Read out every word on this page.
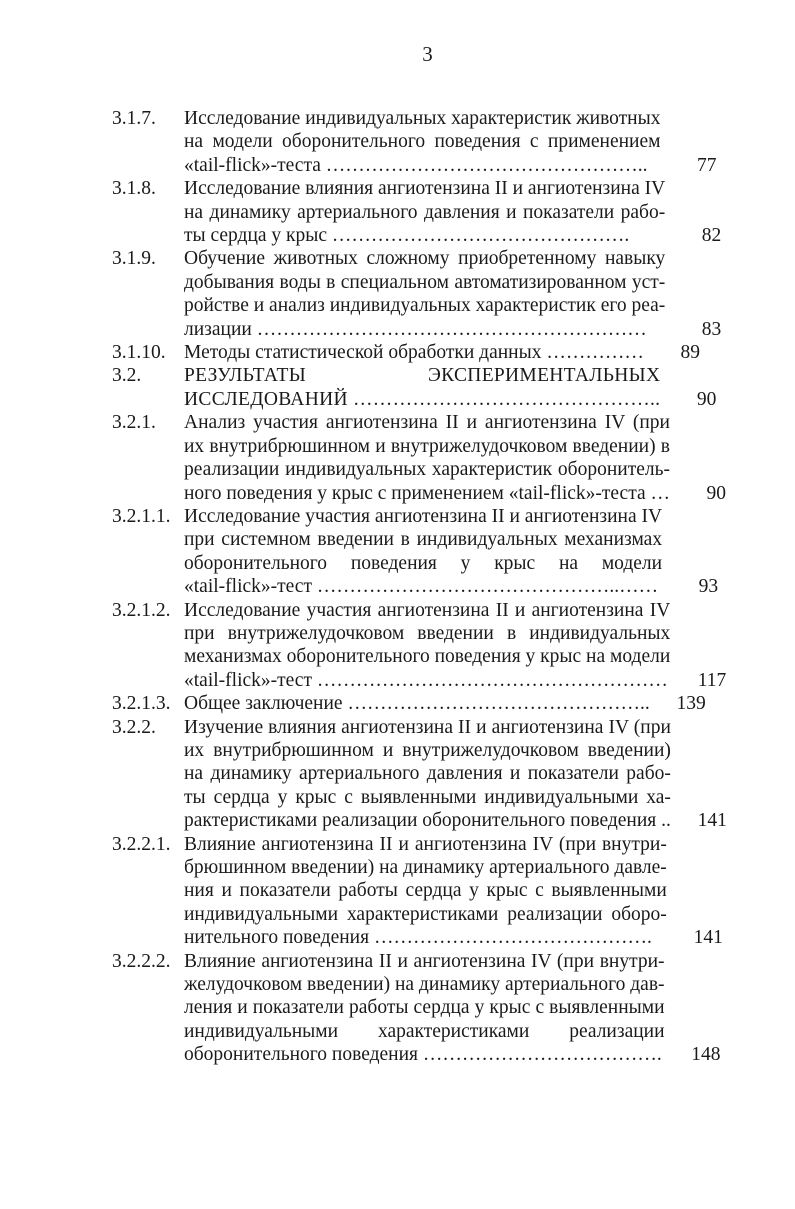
3
3.1.7.	Исследование индивидуальных характеристик животных
на модели оборонительного поведения с применением
«tail-flick»-теста …………………………………………..	77
3.1.8.	Исследование влияния ангиотензина II и ангиотензина IV
на динамику артериального давления и показатели рабо-
ты сердца у крыс ……………………………………….	82
3.1.9.	Обучение животных сложному приобретенному навыку
добывания воды в специальном автоматизированном уст-
ройстве и анализ индивидуальных характеристик его реа-
лизации ……………………………………………………	83
3.1.10. Методы статистической обработки данных ……………	89
3.2.	РЕЗУЛЬТАТЫ ЭКСПЕРИМЕНТАЛЬНЫХ
ИССЛЕДОВАНИЙ ………………………………………..	90
3.2.1.	Анализ участия ангиотензина II и ангиотензина IV (при
их внутрибрюшинном и внутрижелудочковом введении) в
реализации индивидуальных характеристик оборонитель-
ного поведения у крыс с применением «tail-flick»-теста …	90
3.2.1.1. Исследование участия ангиотензина II и ангиотензина IV
при системном введении в индивидуальных механизмах
оборонительного поведения у крыс на модели
«tail-flick»-тест ………………………………………..……	93
3.2.1.2. Исследование участия ангиотензина II и ангиотензина IV
при внутрижелудочковом введении в индивидуальных
механизмах оборонительного поведения у крыс на модели
«tail-flick»-тест ………………………………………………	117
3.2.1.3. Общее заключение ………………………………………..	139
3.2.2.	Изучение влияния ангиотензина II и ангиотензина IV (при
их внутрибрюшинном и внутрижелудочковом введении)
на динамику артериального давления и показатели рабо-
ты сердца у крыс с выявленными индивидуальными ха-
рактеристиками реализации оборонительного поведения ..	141
3.2.2.1. Влияние ангиотензина II и ангиотензина IV (при внутри-
брюшинном введении) на динамику артериального давле-
ния и показатели работы сердца у крыс с выявленными
индивидуальными характеристиками реализации оборо-
нительного поведения …………………………………….	141
3.2.2.2. Влияние ангиотензина II и ангиотензина IV (при внутри-
желудочковом введении) на динамику артериального дав-
ления и показатели работы сердца у крыс с выявленными
индивидуальными характеристиками реализации
оборонительного поведения ……………………………….	148
